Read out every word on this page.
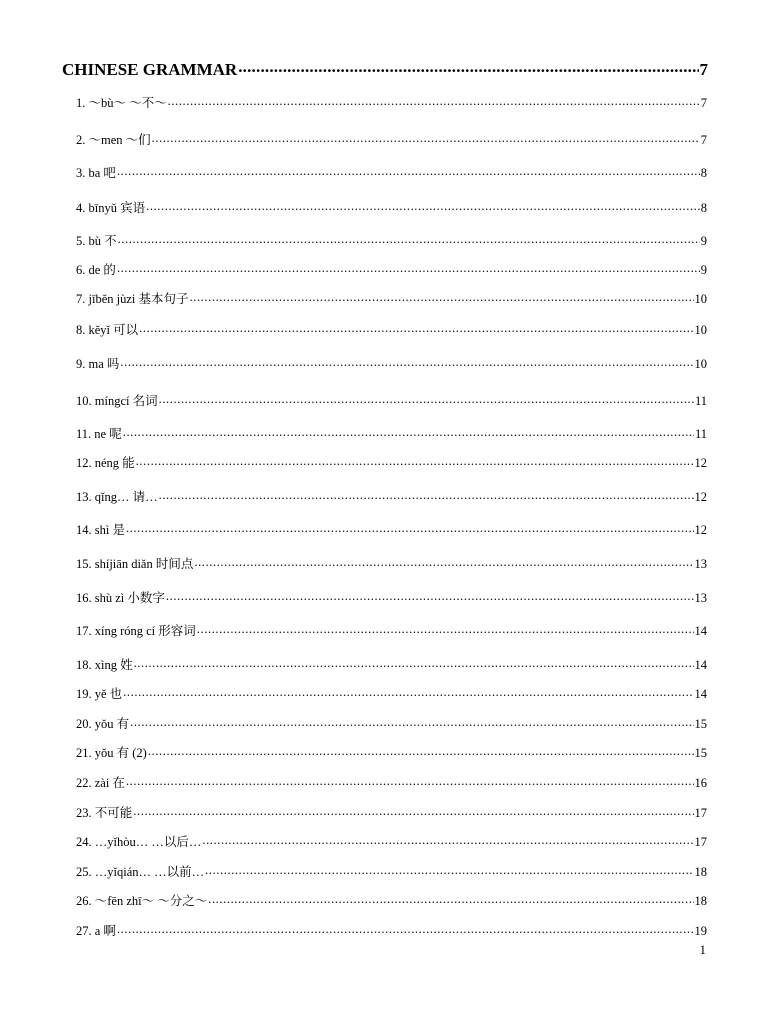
CHINESE GRAMMAR .....	7
1. ～bù～ ～不～ .....	7
2. ～men ～们 .....	7
3. ba 吧 .....	8
4. bīnyǔ 宾语 .....	8
5. bù 不 .....	9
6. de 的 .....	9
7. jīběn jùzi 基本句子 .....	10
8. kěyǐ 可以 .....	10
9. ma 吗 .....	10
10. míngcí 名词 .....	11
11. ne 呢 .....	11
12. néng 能 .....	12
13. qǐng… 请… .....	12
14. shì 是 .....	12
15. shíjiān diǎn 时间点 .....	13
16. shù zì 小数字 .....	13
17. xíng róng cí 形容词 .....	14
18. xìng 姓 .....	14
19. yě 也 .....	14
20. yǒu 有 .....	15
21. yǒu 有 (2) .....	15
22. zài 在 .....	16
23. 不可能 .....	17
24. …yǐhòu… …以后… .....	17
25. …yǐqián… …以前… .....	18
26. ～fēn zhī～ ～分之～ .....	18
27. a 啊 .....	19
1
